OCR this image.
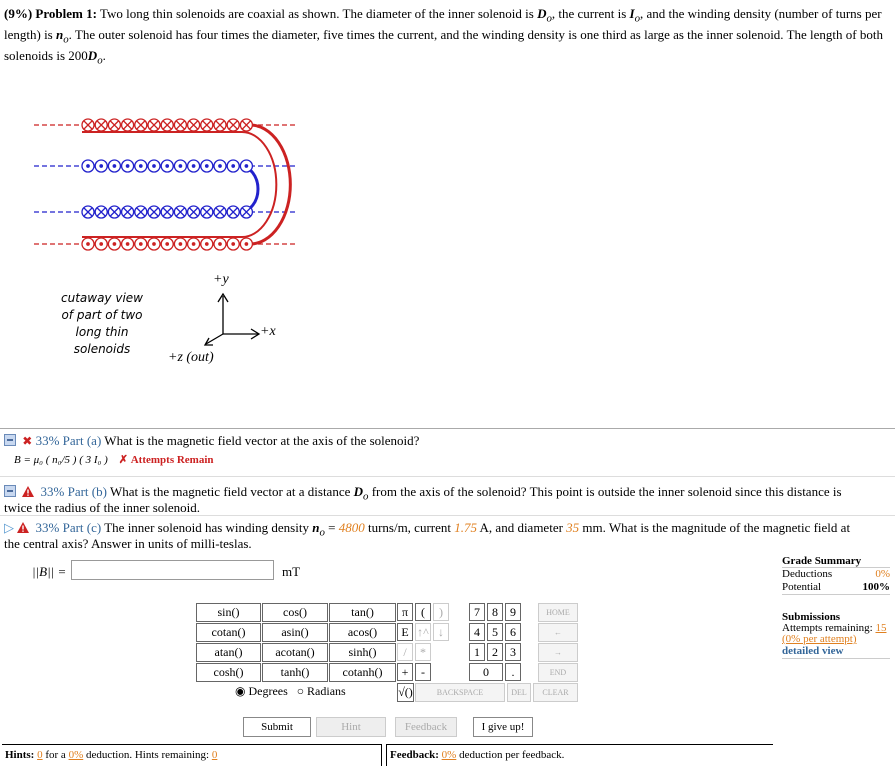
(9%) Problem 1: Two long thin solenoids are coaxial as shown. The diameter of the inner solenoid is $D_o$, the current is $I_o$, and the winding density (number of turns per length) is $n_o$. The outer solenoid has four times the diameter, five times the current, and the winding density is one third as large as the inner solenoid. The length of both solenoids is $200D_o$.
+y
+x
+z (out)
cutaway view
of part of two
long thin
solenoids
✖ 33% Part (a) What is the magnetic field vector at the axis of the solenoid?
B = μ₀ ( n₀/5 ) ( 3 I₀ ) ✗ Attempts Remain
33% Part (b) What is the magnetic field vector at a distance $D_o$ from the axis of the solenoid? This point is outside the inner solenoid since this distance is
twice the radius of the inner solenoid.
▷ 33% Part (c) The inner solenoid has winding density $n_o = 4800$ turns/m, current 1.75 A, and diameter 35 mm. What is the magnitude of the magnetic field at
the central axis? Answer in units of milli-teslas.
||B|| =	mT
Grade Summary
Deductions	0%
Potential	100%
Submissions
Attempts remaining: 15
(0% per attempt)
detailed view
sin()	cos()	tan()
cotan()	asin()	acos()
atan()	acotan()	sinh()
cosh()	tanh()	cotanh()
π	(
E ↑^
/	*
+	-
)
↓
7	8	9
4	5	6
1	2	3
0	.
HOME
←
→
END
√()	BACKSPACE	DEL	CLEAR
◉ Degrees ○ Radians
Submit	Hint	Feedback	I give up!
Hints: 0 for a 0% deduction. Hints remaining: 0	Feedback: 0% deduction per feedback.
